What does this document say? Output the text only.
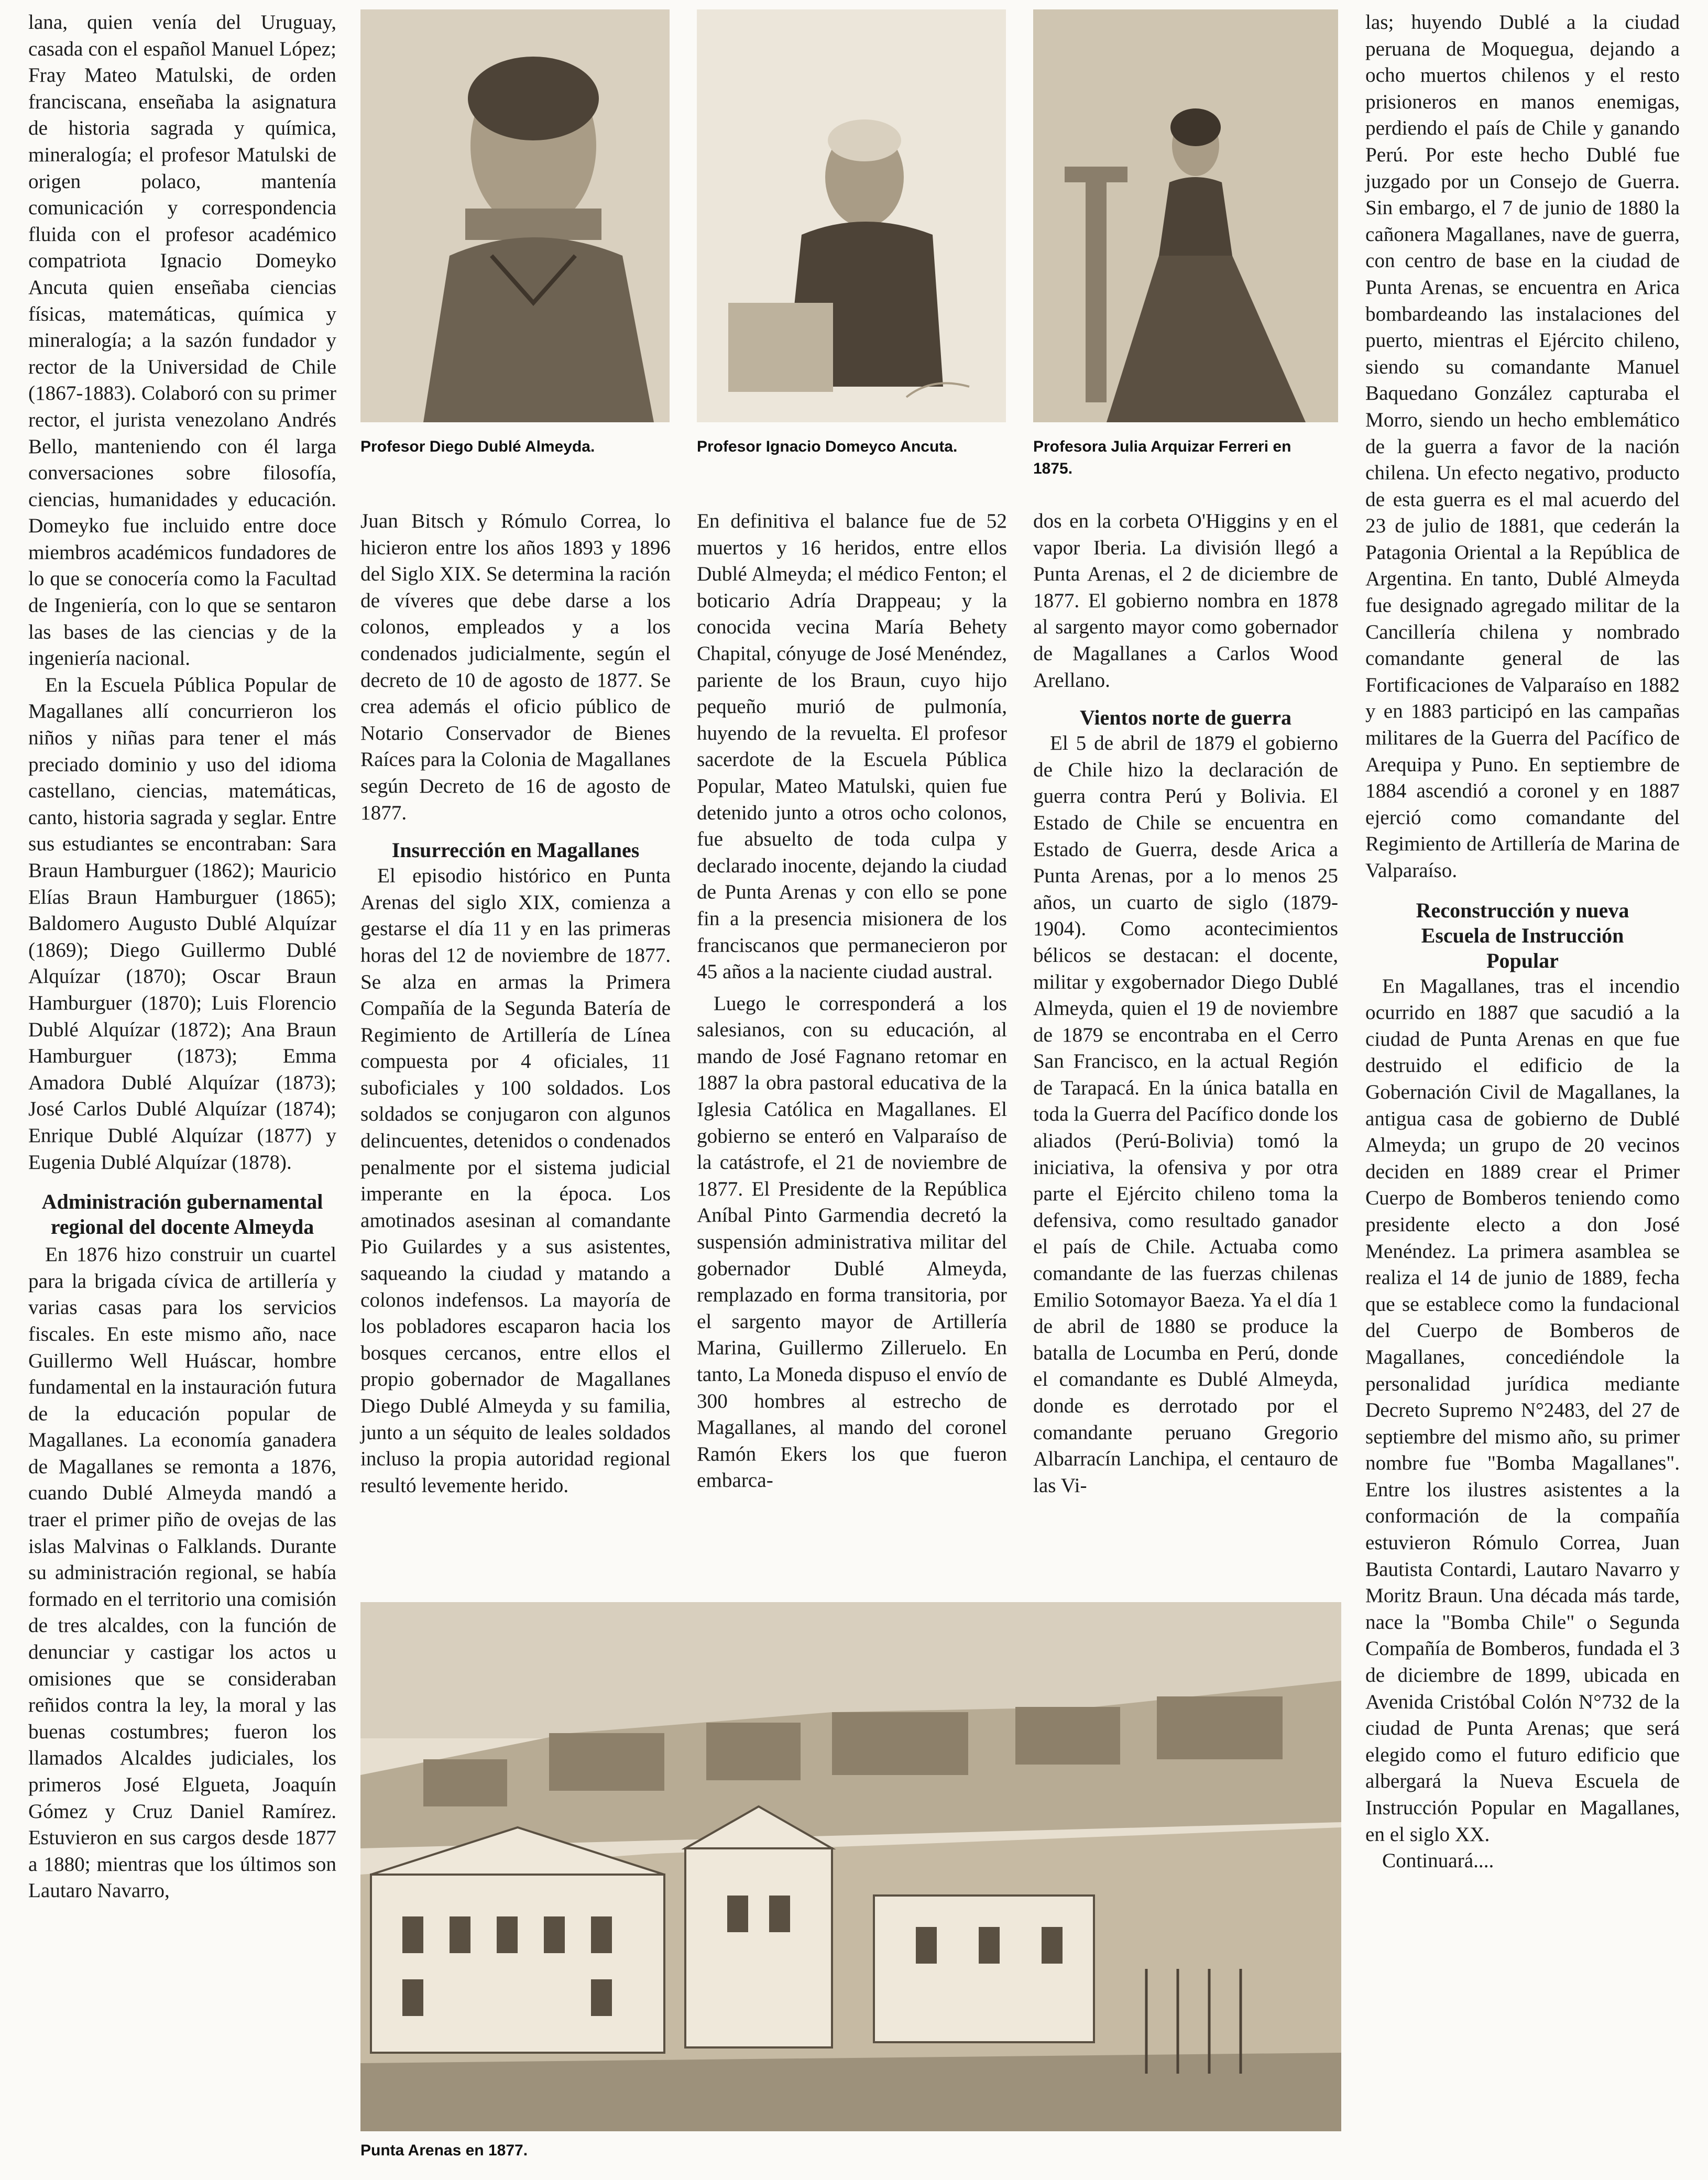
lana, quien venía del Uruguay, casada con el español Manuel López; Fray Mateo Matulski, de orden franciscana, enseñaba la asignatura de historia sagrada y química, mineralogía; el profesor Matulski de origen polaco, mantenía comunicación y correspondencia fluida con el profesor académico compatriota Ignacio Domeyko Ancuta quien enseñaba ciencias físicas, matemáticas, química y mineralogía; a la sazón fundador y rector de la Universidad de Chile (1867-1883). Colaboró con su primer rector, el jurista venezolano Andrés Bello, manteniendo con él larga conversaciones sobre filosofía, ciencias, humanidades y educación. Domeyko fue incluido entre doce miembros académicos fundadores de lo que se conocería como la Facultad de Ingeniería, con lo que se sentaron las bases de las ciencias y de la ingeniería nacional.

En la Escuela Pública Popular de Magallanes allí concurrieron los niños y niñas para tener el más preciado dominio y uso del idioma castellano, ciencias, matemáticas, canto, historia sagrada y seglar. Entre sus estudiantes se encontraban: Sara Braun Hamburguer (1862); Mauricio Elías Braun Hamburguer (1865); Baldomero Augusto Dublé Alquízar (1869); Diego Guillermo Dublé Alquízar (1870); Oscar Braun Hamburguer (1870); Luis Florencio Dublé Alquízar (1872); Ana Braun Hamburguer (1873); Emma Amadora Dublé Alquízar (1873); José Carlos Dublé Alquízar (1874); Enrique Dublé Alquízar (1877) y Eugenia Dublé Alquízar (1878).

Administración gubernamental regional del docente Almeyda

En 1876 hizo construir un cuartel para la brigada cívica de artillería y varias casas para los servicios fiscales. En este mismo año, nace Guillermo Well Huáscar, hombre fundamental en la instauración futura de la educación popular de Magallanes. La economía ganadera de Magallanes se remonta a 1876, cuando Dublé Almeyda mandó a traer el primer piño de ovejas de las islas Malvinas o Falklands. Durante su administración regional, se había formado en el territorio una comisión de tres alcaldes, con la función de denunciar y castigar los actos u omisiones que se consideraban reñidos contra la ley, la moral y las buenas costumbres; fueron los llamados Alcaldes judiciales, los primeros José Elgueta, Joaquín Gómez y Cruz Daniel Ramírez. Estuvieron en sus cargos desde 1877 a 1880; mientras que los últimos son Lautaro Navarro,

Profesor Diego Dublé Almeyda.	Profesor Ignacio Domeyco Ancuta.	Profesora Julia Arquizar Ferreri en 1875.

Juan Bitsch y Rómulo Correa, lo hicieron entre los años 1893 y 1896 del Siglo XIX. Se determina la ración de víveres que debe darse a los colonos, empleados y a los condenados judicialmente, según el decreto de 10 de agosto de 1877. Se crea además el oficio público de Notario Conservador de Bienes Raíces para la Colonia de Magallanes según Decreto de 16 de agosto de 1877.

Insurrección en Magallanes

El episodio histórico en Punta Arenas del siglo XIX, comienza a gestarse el día 11 y en las primeras horas del 12 de noviembre de 1877. Se alza en armas la Primera Compañía de la Segunda Batería de Regimiento de Artillería de Línea compuesta por 4 oficiales, 11 suboficiales y 100 soldados. Los soldados se conjugaron con algunos delincuentes, detenidos o condenados penalmente por el sistema judicial imperante en la época. Los amotinados asesinan al comandante Pio Guilardes y a sus asistentes, saqueando la ciudad y matando a colonos indefensos. La mayoría de los pobladores escaparon hacia los bosques cercanos, entre ellos el propio gobernador de Magallanes Diego Dublé Almeyda y su familia, junto a un séquito de leales soldados incluso la propia autoridad regional resultó levemente herido.

En definitiva el balance fue de 52 muertos y 16 heridos, entre ellos Dublé Almeyda; el médico Fenton; el boticario Adría Drappeau; y la conocida vecina María Behety Chapital, cónyuge de José Menéndez, pariente de los Braun, cuyo hijo pequeño murió de pulmonía, huyendo de la revuelta. El profesor sacerdote de la Escuela Pública Popular, Mateo Matulski, quien fue detenido junto a otros ocho colonos, fue absuelto de toda culpa y declarado inocente, dejando la ciudad de Punta Arenas y con ello se pone fin a la presencia misionera de los franciscanos que permanecieron por 45 años a la naciente ciudad austral.

Luego le corresponderá a los salesianos, con su educación, al mando de José Fagnano retomar en 1887 la obra pastoral educativa de la Iglesia Católica en Magallanes. El gobierno se enteró en Valparaíso de la catástrofe, el 21 de noviembre de 1877. El Presidente de la República Aníbal Pinto Garmendia decretó la suspensión administrativa militar del gobernador Dublé Almeyda, remplazado en forma transitoria, por el sargento mayor de Artillería Marina, Guillermo Zilleruelo. En tanto, La Moneda dispuso el envío de 300 hombres al estrecho de Magallanes, al mando del coronel Ramón Ekers los que fueron embarca-

dos en la corbeta O'Higgins y en el vapor Iberia. La división llegó a Punta Arenas, el 2 de diciembre de 1877. El gobierno nombra en 1878 al sargento mayor como gobernador de Magallanes a Carlos Wood Arellano.

Vientos norte de guerra

El 5 de abril de 1879 el gobierno de Chile hizo la declaración de guerra contra Perú y Bolivia. El Estado de Chile se encuentra en Estado de Guerra, desde Arica a Punta Arenas, por a lo menos 25 años, un cuarto de siglo (1879-1904). Como acontecimientos bélicos se destacan: el docente, militar y exgobernador Diego Dublé Almeyda, quien el 19 de noviembre de 1879 se encontraba en el Cerro San Francisco, en la actual Región de Tarapacá. En la única batalla en toda la Guerra del Pacífico donde los aliados (Perú-Bolivia) tomó la iniciativa, la ofensiva y por otra parte el Ejército chileno toma la defensiva, como resultado ganador el país de Chile. Actuaba como comandante de las fuerzas chilenas Emilio Sotomayor Baeza. Ya el día 1 de abril de 1880 se produce la batalla de Locumba en Perú, donde el comandante es Dublé Almeyda, donde es derrotado por el comandante peruano Gregorio Albarracín Lanchipa, el centauro de las Vi-

las; huyendo Dublé a la ciudad peruana de Moquegua, dejando a ocho muertos chilenos y el resto prisioneros en manos enemigas, perdiendo el país de Chile y ganando Perú. Por este hecho Dublé fue juzgado por un Consejo de Guerra. Sin embargo, el 7 de junio de 1880 la cañonera Magallanes, nave de guerra, con centro de base en la ciudad de Punta Arenas, se encuentra en Arica bombardeando las instalaciones del puerto, mientras el Ejército chileno, siendo su comandante Manuel Baquedano González capturaba el Morro, siendo un hecho emblemático de la guerra a favor de la nación chilena. Un efecto negativo, producto de esta guerra es el mal acuerdo del 23 de julio de 1881, que cederán la Patagonia Oriental a la República de Argentina. En tanto, Dublé Almeyda fue designado agregado militar de la Cancillería chilena y nombrado comandante general de las Fortificaciones de Valparaíso en 1882 y en 1883 participó en las campañas militares de la Guerra del Pacífico de Arequipa y Puno. En septiembre de 1884 ascendió a coronel y en 1887 ejerció como comandante del Regimiento de Artillería de Marina de Valparaíso.

Reconstrucción y nueva Escuela de Instrucción Popular

En Magallanes, tras el incendio ocurrido en 1887 que sacudió a la ciudad de Punta Arenas en que fue destruido el edificio de la Gobernación Civil de Magallanes, la antigua casa de gobierno de Dublé Almeyda; un grupo de 20 vecinos deciden en 1889 crear el Primer Cuerpo de Bomberos teniendo como presidente electo a don José Menéndez. La primera asamblea se realiza el 14 de junio de 1889, fecha que se establece como la fundacional del Cuerpo de Bomberos de Magallanes, concediéndole la personalidad jurídica mediante Decreto Supremo N°2483, del 27 de septiembre del mismo año, su primer nombre fue "Bomba Magallanes". Entre los ilustres asistentes a la conformación de la compañía estuvieron Rómulo Correa, Juan Bautista Contardi, Lautaro Navarro y Moritz Braun. Una década más tarde, nace la "Bomba Chile" o Segunda Compañía de Bomberos, fundada el 3 de diciembre de 1899, ubicada en Avenida Cristóbal Colón N°732 de la ciudad de Punta Arenas; que será elegido como el futuro edificio que albergará la Nueva Escuela de Instrucción Popular en Magallanes, en el siglo XX.

Continuará....

Punta Arenas en 1877.
